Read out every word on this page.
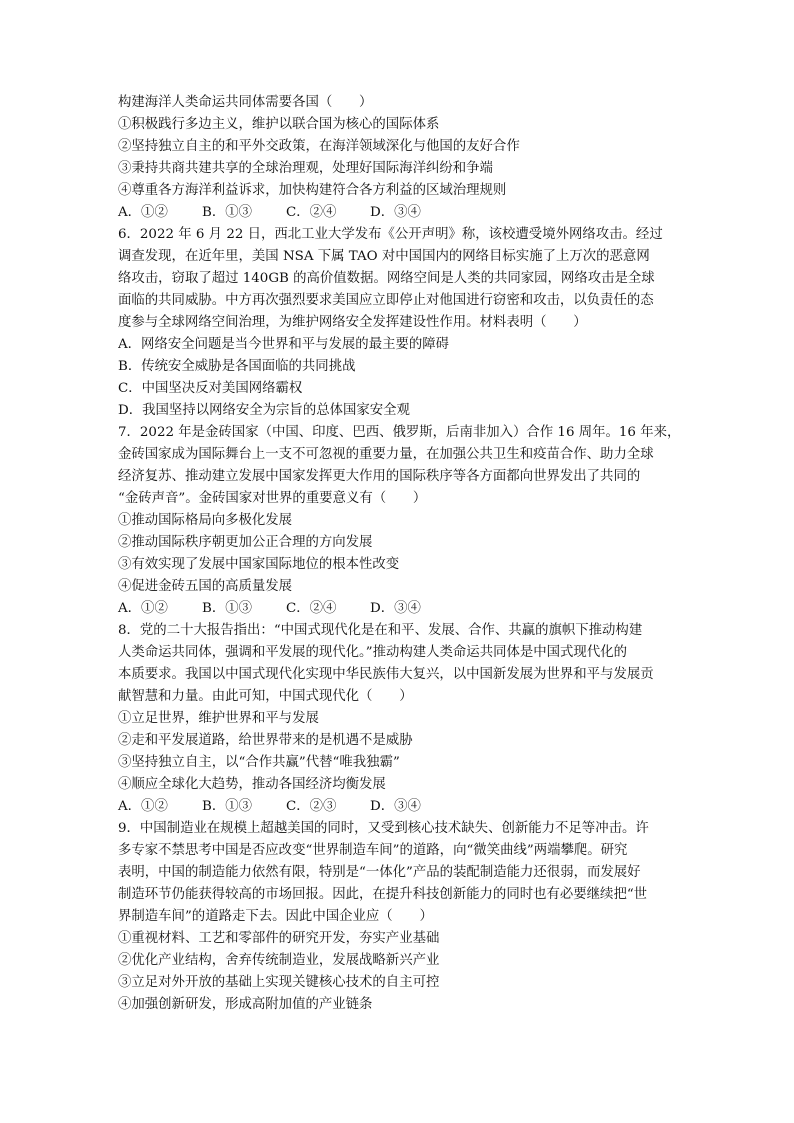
构建海洋人类命运共同体需要各国（　　）
①积极践行多边主义，维护以联合国为核心的国际体系
②坚持独立自主的和平外交政策，在海洋领域深化与他国的友好合作
③秉持共商共建共享的全球治理观，处理好国际海洋纠纷和争端
④尊重各方海洋利益诉求，加快构建符合各方利益的区域治理规则
A．①②	B．①③	C．②④	D．③④
6．2022 年 6 月 22 日，西北工业大学发布《公开声明》称，该校遭受境外网络攻击。经过
调查发现，在近年里，美国 NSA 下属 TAO 对中国国内的网络目标实施了上万次的恶意网
络攻击，窃取了超过 140GB 的高价值数据。网络空间是人类的共同家园，网络攻击是全球
面临的共同威胁。中方再次强烈要求美国应立即停止对他国进行窃密和攻击，以负责任的态
度参与全球网络空间治理，为维护网络安全发挥建设性作用。材料表明（　　）
A．网络安全问题是当今世界和平与发展的最主要的障碍
B．传统安全威胁是各国面临的共同挑战
C．中国坚决反对美国网络霸权
D．我国坚持以网络安全为宗旨的总体国家安全观
7．2022 年是金砖国家（中国、印度、巴西、俄罗斯，后南非加入）合作 16 周年。16 年来，
金砖国家成为国际舞台上一支不可忽视的重要力量，在加强公共卫生和疫苗合作、助力全球
经济复苏、推动建立发展中国家发挥更大作用的国际秩序等各方面都向世界发出了共同的
“金砖声音”。金砖国家对世界的重要意义有（　　）
①推动国际格局向多极化发展
②推动国际秩序朝更加公正合理的方向发展
③有效实现了发展中国家国际地位的根本性改变
④促进金砖五国的高质量发展
A．①②	B．①③	C．②④	D．③④
8．党的二十大报告指出：“中国式现代化是在和平、发展、合作、共赢的旗帜下推动构建
人类命运共同体，强调和平发展的现代化。”推动构建人类命运共同体是中国式现代化的
本质要求。我国以中国式现代化实现中华民族伟大复兴，以中国新发展为世界和平与发展贡
献智慧和力量。由此可知，中国式现代化（　　）
①立足世界，维护世界和平与发展
②走和平发展道路，给世界带来的是机遇不是威胁
③坚持独立自主，以“合作共赢”代替“唯我独霸”
④顺应全球化大趋势，推动各国经济均衡发展
A．①②	B．①③	C．②③	D．③④
9．中国制造业在规模上超越美国的同时，又受到核心技术缺失、创新能力不足等冲击。许
多专家不禁思考中国是否应改变“世界制造车间”的道路，向“微笑曲线”两端攀爬。研究
表明，中国的制造能力依然有限，特别是“一体化”产品的装配制造能力还很弱，而发展好
制造环节仍能获得较高的市场回报。因此，在提升科技创新能力的同时也有必要继续把“世
界制造车间”的道路走下去。因此中国企业应（　　）
①重视材料、工艺和零部件的研究开发，夯实产业基础
②优化产业结构，舍弃传统制造业，发展战略新兴产业
③立足对外开放的基础上实现关键核心技术的自主可控
④加强创新研发，形成高附加值的产业链条
